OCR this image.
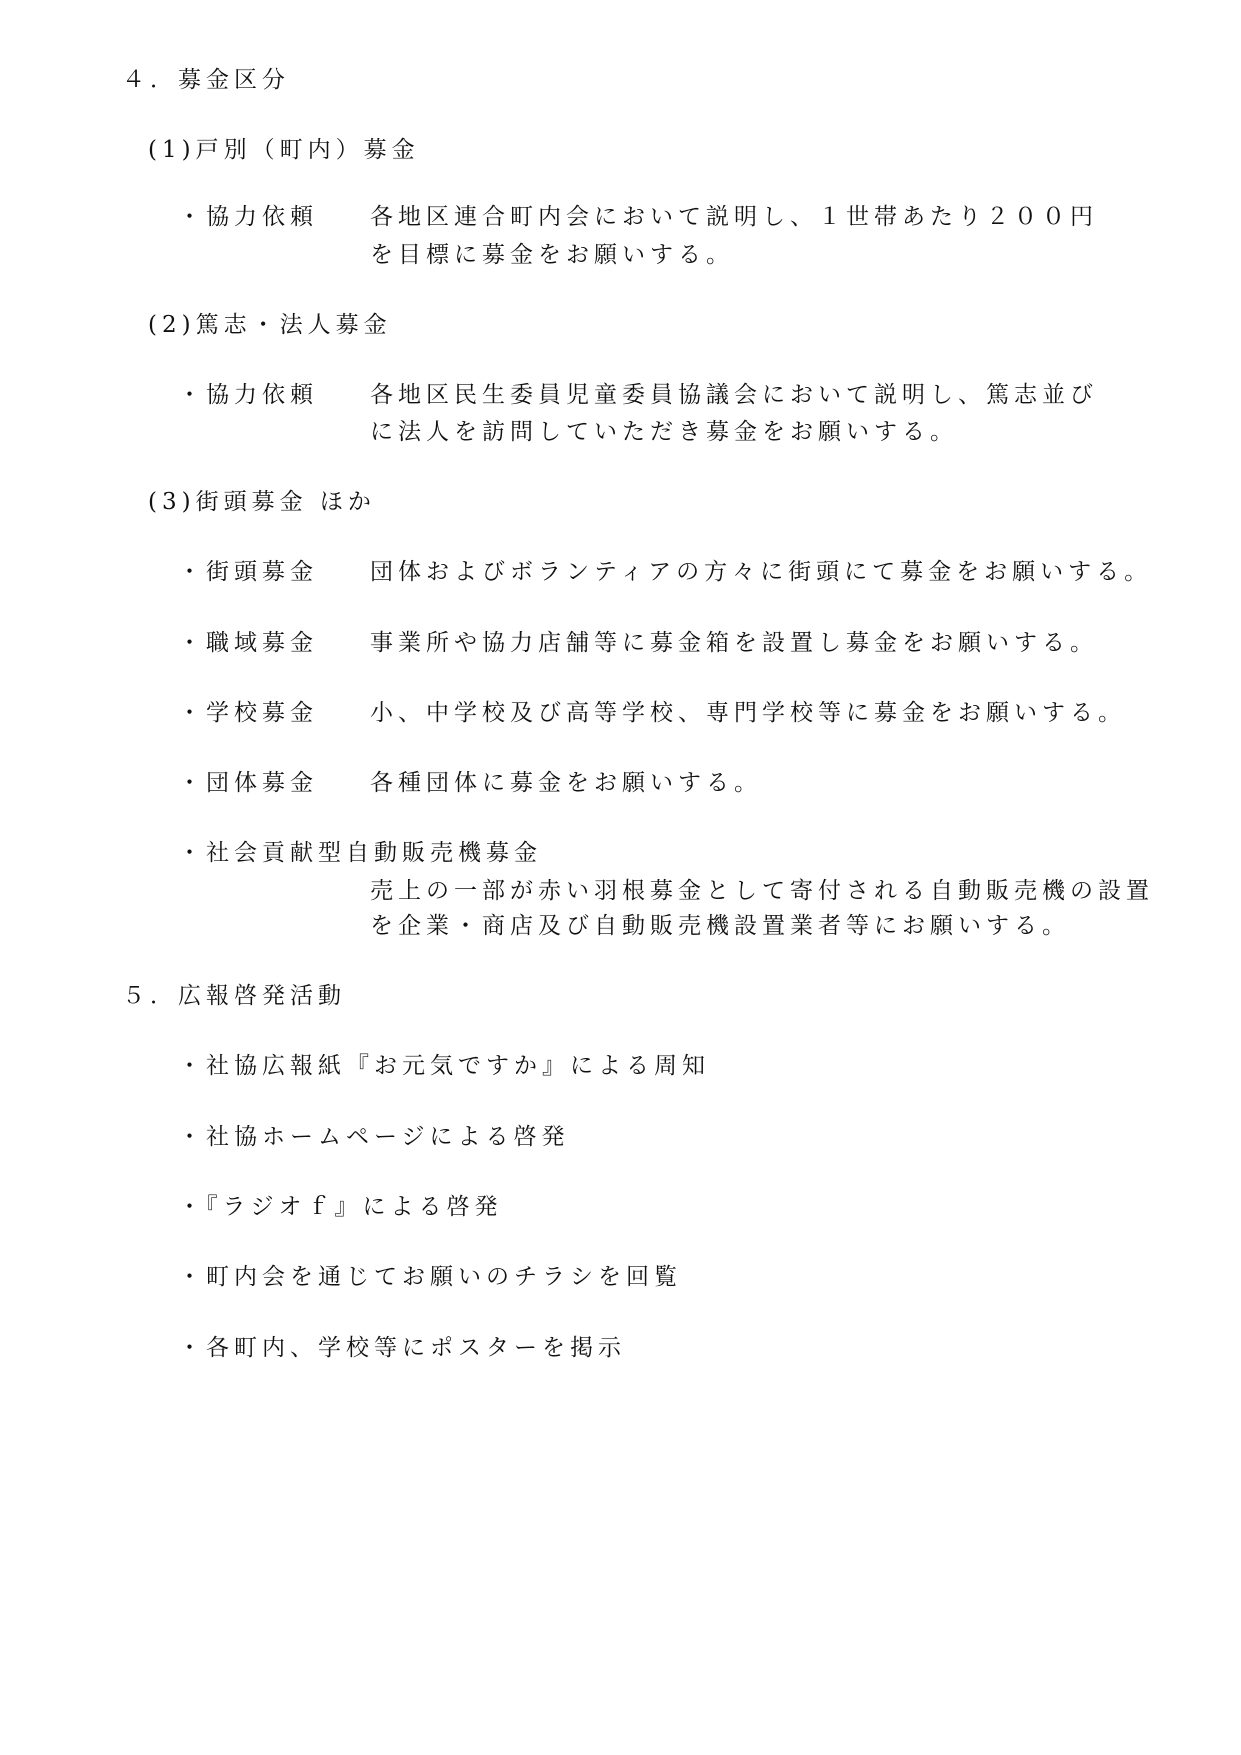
４．募金区分
(1)戸別（町内）募金
・協力依頼 各地区連合町内会において説明し、１世帯あたり２００円
を目標に募金をお願いする。
(2)篤志・法人募金
・協力依頼 各地区民生委員児童委員協議会において説明し、篤志並び
に法人を訪問していただき募金をお願いする。
(3)街頭募金 ほか
・街頭募金 団体およびボランティアの方々に街頭にて募金をお願いする。
・職域募金 事業所や協力店舗等に募金箱を設置し募金をお願いする。
・学校募金 小、中学校及び高等学校、専門学校等に募金をお願いする。
・団体募金 各種団体に募金をお願いする。
・社会貢献型自動販売機募金
売上の一部が赤い羽根募金として寄付される自動販売機の設置
を企業・商店及び自動販売機設置業者等にお願いする。
５．広報啓発活動
・社協広報紙『お元気ですか』による周知
・社協ホームページによる啓発
・『ラジオｆ』による啓発
・町内会を通じてお願いのチラシを回覧
・各町内、学校等にポスターを掲示
